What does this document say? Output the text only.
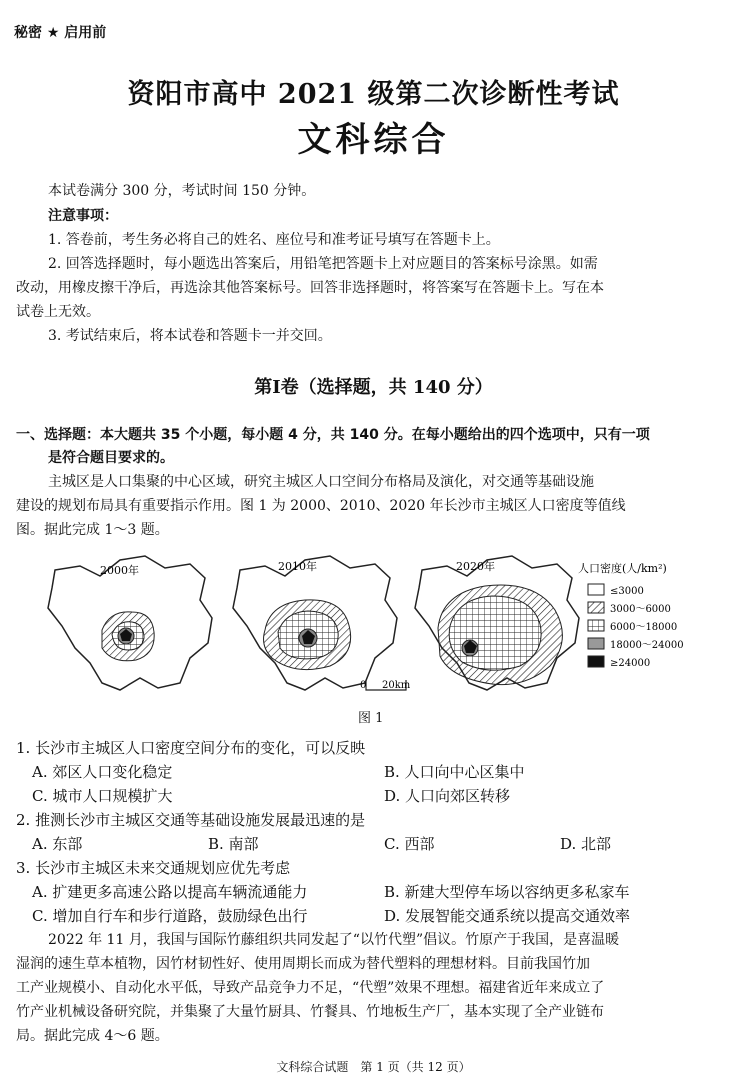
秘密 ★ 启用前
资阳市高中 2021 级第二次诊断性考试
文科综合
本试卷满分 300 分，考试时间 150 分钟。
注意事项：
1. 答卷前，考生务必将自己的姓名、座位号和准考证号填写在答题卡上。
2. 回答选择题时，每小题选出答案后，用铅笔把答题卡上对应题目的答案标号涂黑。如需
改动，用橡皮擦干净后，再选涂其他答案标号。回答非选择题时，将答案写在答题卡上。写在本
试卷上无效。
3. 考试结束后，将本试卷和答题卡一并交回。
第Ⅰ卷（选择题，共 140 分）
一、选择题：本大题共 35 个小题，每小题 4 分，共 140 分。在每小题给出的四个选项中，只有一项
是符合题目要求的。
主城区是人口集聚的中心区域，研究主城区人口空间分布格局及演化，对交通等基础设施
建设的规划布局具有重要指示作用。图 1 为 2000、2010、2020 年长沙市主城区人口密度等值线
图。据此完成 1～3 题。
2000年	2010年	2020年	人口密度(人/km²)
≤3000
3000～6000
6000～18000
18000～24000
≥24000
0 20km
图 1
1. 长沙市主城区人口密度空间分布的变化，可以反映
A. 郊区人口变化稳定	B. 人口向中心区集中
C. 城市人口规模扩大	D. 人口向郊区转移
2. 推测长沙市主城区交通等基础设施发展最迅速的是
A. 东部	B. 南部	C. 西部	D. 北部
3. 长沙市主城区未来交通规划应优先考虑
A. 扩建更多高速公路以提高车辆流通能力	B. 新建大型停车场以容纳更多私家车
C. 增加自行车和步行道路，鼓励绿色出行	D. 发展智能交通系统以提高交通效率
2022 年 11 月，我国与国际竹藤组织共同发起了“以竹代塑”倡议。竹原产于我国，是喜温暖
湿润的速生草本植物，因竹材韧性好、使用周期长而成为替代塑料的理想材料。目前我国竹加
工产业规模小、自动化水平低，导致产品竞争力不足，“代塑”效果不理想。福建省近年来成立了
竹产业机械设备研究院，并集聚了大量竹厨具、竹餐具、竹地板生产厂，基本实现了全产业链布
局。据此完成 4～6 题。
文科综合试题　第 1 页（共 12 页）
